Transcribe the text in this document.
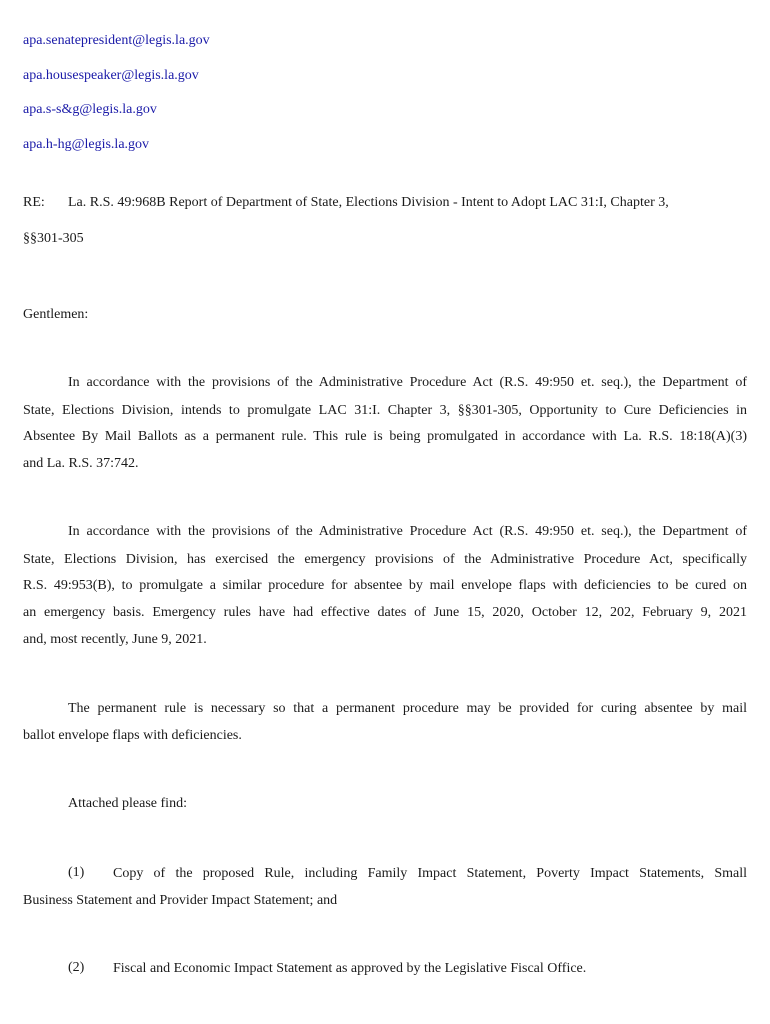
apa.senatepresident@legis.la.gov
apa.housespeaker@legis.la.gov
apa.s-s&g@legis.la.gov
apa.h-hg@legis.la.gov
RE: La. R.S. 49:968B Report of Department of State, Elections Division - Intent to Adopt LAC 31:I, Chapter 3,
§§301-305
Gentlemen:
In accordance with the provisions of the Administrative Procedure Act (R.S. 49:950 et. seq.), the Department of
State, Elections Division, intends to promulgate LAC 31:I. Chapter 3, §§301-305, Opportunity to Cure Deficiencies in
Absentee By Mail Ballots as a permanent rule. This rule is being promulgated in accordance with La. R.S. 18:18(A)(3)
and La. R.S. 37:742.
In accordance with the provisions of the Administrative Procedure Act (R.S. 49:950 et. seq.), the Department of
State, Elections Division, has exercised the emergency provisions of the Administrative Procedure Act, specifically
R.S. 49:953(B), to promulgate a similar procedure for absentee by mail envelope flaps with deficiencies to be cured on
an emergency basis. Emergency rules have had effective dates of June 15, 2020, October 12, 202, February 9, 2021
and, most recently, June 9, 2021.
The permanent rule is necessary so that a permanent procedure may be provided for curing absentee by mail
ballot envelope flaps with deficiencies.
Attached please find:
(1) Copy of the proposed Rule, including Family Impact Statement, Poverty Impact Statements, Small
Business Statement and Provider Impact Statement; and
(2) Fiscal and Economic Impact Statement as approved by the Legislative Fiscal Office.
